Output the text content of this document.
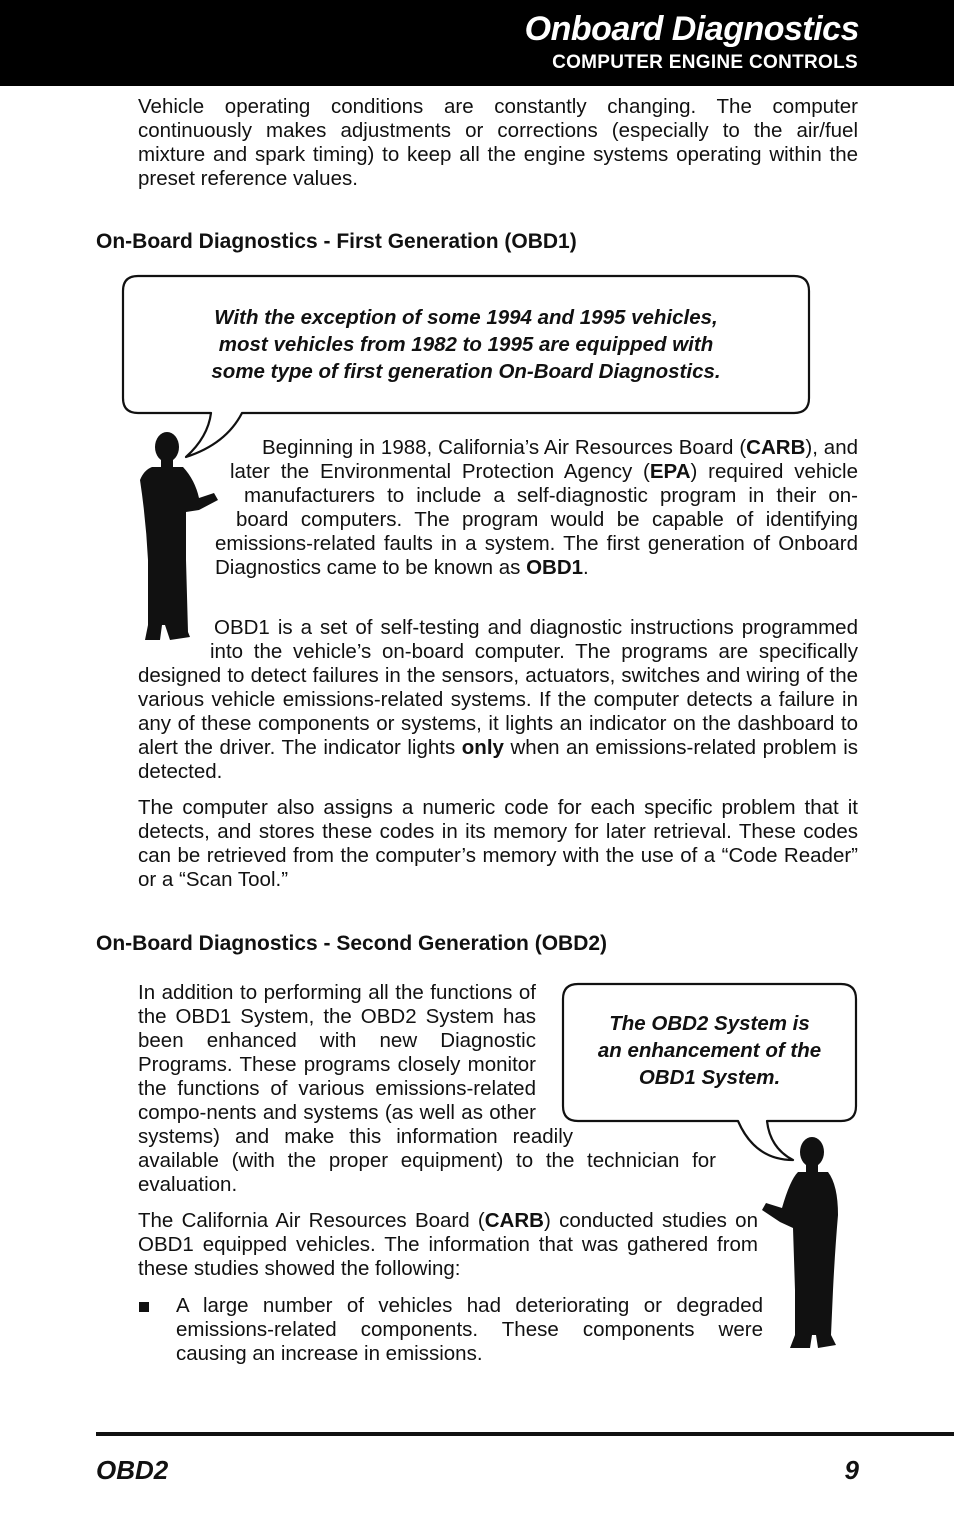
Onboard Diagnostics
COMPUTER ENGINE CONTROLS

Vehicle operating conditions are constantly changing. The computer continuously makes adjustments or corrections (especially to the air/fuel mixture and spark timing) to keep all the engine systems operating within the preset reference values.

On-Board Diagnostics - First Generation (OBD1)
With the exception of some 1994 and 1995 vehicles,
most vehicles from 1982 to 1995 are equipped with
some type of first generation On-Board Diagnostics.

Beginning in 1988, California’s Air Resources Board (CARB), and later the Environmental Protection Agency (EPA) required vehicle manufacturers to include a self-diagnostic program in their on-board computers. The program would be capable of identifying emissions-related faults in a system. The first generation of Onboard Diagnostics came to be known as OBD1.

OBD1 is a set of self-testing and diagnostic instructions programmed into the vehicle’s on-board computer. The programs are specifically designed to detect failures in the sensors, actuators, switches and wiring of the various vehicle emissions-related systems. If the computer detects a failure in any of these components or systems, it lights an indicator on the dashboard to alert the driver. The indicator lights only when an emissions-related problem is detected.

The computer also assigns a numeric code for each specific problem that it detects, and stores these codes in its memory for later retrieval. These codes can be retrieved from the computer’s memory with the use of a “Code Reader” or a “Scan Tool.”

On-Board Diagnostics - Second Generation (OBD2)
The OBD2 System is
an enhancement of the
OBD1 System.

In addition to performing all the functions of the OBD1 System, the OBD2 System has been enhanced with new Diagnostic Programs. These programs closely monitor the functions of various emissions-related compo-nents and systems (as well as other systems) and make this information readily available (with the proper equipment) to the technician for evaluation.

The California Air Resources Board (CARB) conducted studies on OBD1 equipped vehicles. The information that was gathered from these studies showed the following:

A large number of vehicles had deteriorating or degraded emissions-related components. These components were causing an increase in emissions.

OBD2	9
